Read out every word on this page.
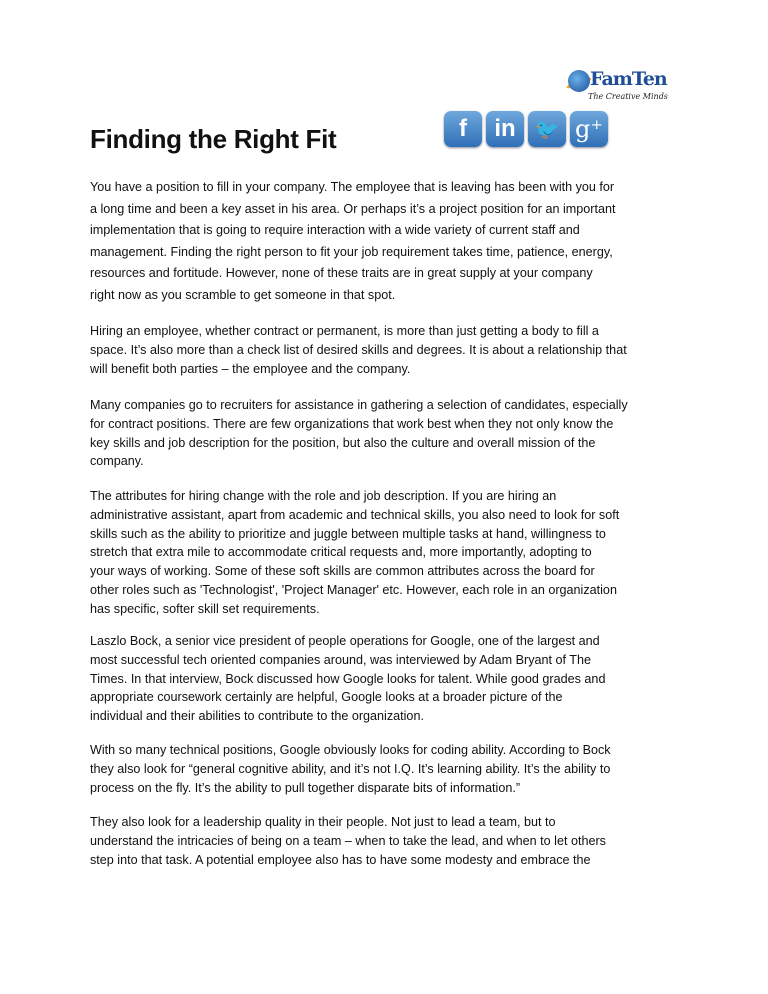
FamTen
The Creative Minds
Finding the Right Fit	f	in 🐦 g⁺
You have a position to fill in your company. The employee that is leaving has been with you for
a long time and been a key asset in his area. Or perhaps it’s a project position for an important
implementation that is going to require interaction with a wide variety of current staff and
management. Finding the right person to fit your job requirement takes time, patience, energy,
resources and fortitude. However, none of these traits are in great supply at your company
right now as you scramble to get someone in that spot.
Hiring an employee, whether contract or permanent, is more than just getting a body to fill a
space. It’s also more than a check list of desired skills and degrees. It is about a relationship that
will benefit both parties – the employee and the company.
Many companies go to recruiters for assistance in gathering a selection of candidates, especially
for contract positions. There are few organizations that work best when they not only know the
key skills and job description for the position, but also the culture and overall mission of the
company.
The attributes for hiring change with the role and job description. If you are hiring an
administrative assistant, apart from academic and technical skills, you also need to look for soft
skills such as the ability to prioritize and juggle between multiple tasks at hand, willingness to
stretch that extra mile to accommodate critical requests and, more importantly, adopting to
your ways of working. Some of these soft skills are common attributes across the board for
other roles such as 'Technologist', 'Project Manager' etc. However, each role in an organization
has specific, softer skill set requirements.
Laszlo Bock, a senior vice president of people operations for Google, one of the largest and
most successful tech oriented companies around, was interviewed by Adam Bryant of The
Times. In that interview, Bock discussed how Google looks for talent. While good grades and
appropriate coursework certainly are helpful, Google looks at a broader picture of the
individual and their abilities to contribute to the organization.
With so many technical positions, Google obviously looks for coding ability. According to Bock
they also look for “general cognitive ability, and it’s not I.Q. It’s learning ability. It’s the ability to
process on the fly. It’s the ability to pull together disparate bits of information.”
They also look for a leadership quality in their people. Not just to lead a team, but to
understand the intricacies of being on a team – when to take the lead, and when to let others
step into that task. A potential employee also has to have some modesty and embrace the
